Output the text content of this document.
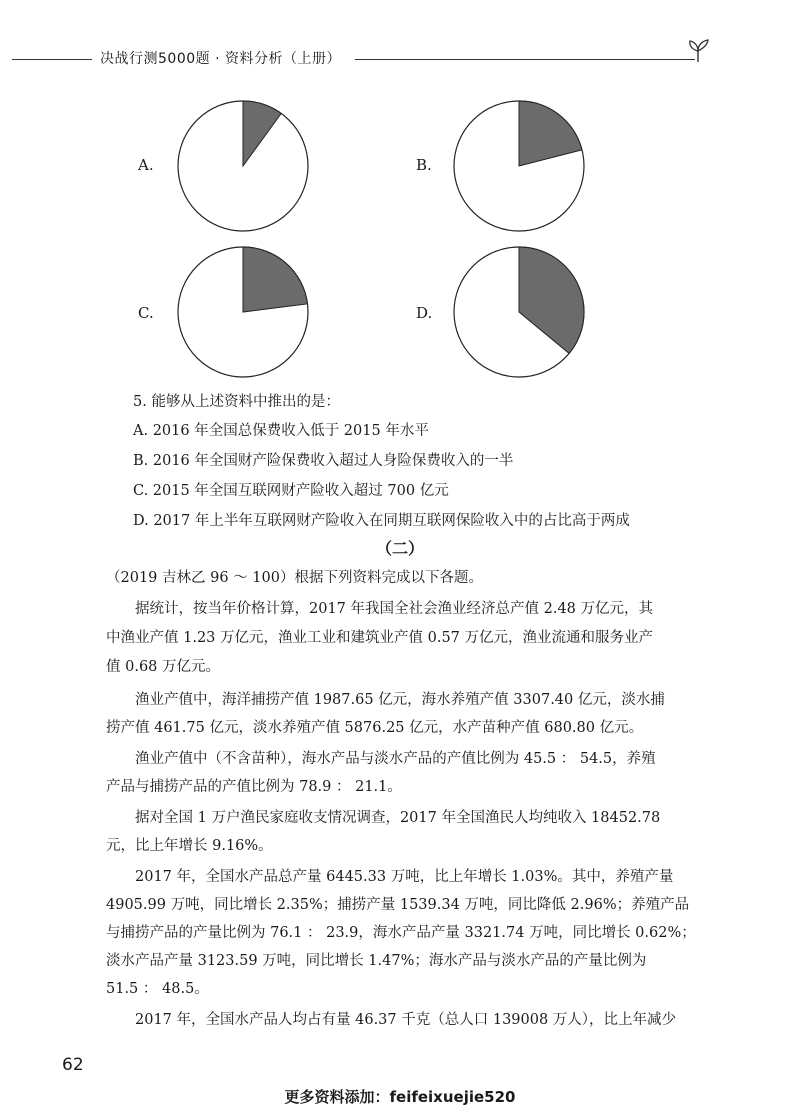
决战行测5000题 · 资料分析（上册）
A.	B.
C.	D.
5. 能够从上述资料中推出的是：
A. 2016 年全国总保费收入低于 2015 年水平
B. 2016 年全国财产险保费收入超过人身险保费收入的一半
C. 2015 年全国互联网财产险收入超过 700 亿元
D. 2017 年上半年互联网财产险收入在同期互联网保险收入中的占比高于两成
（二）
（2019 吉林乙 96 ～ 100）根据下列资料完成以下各题。
据统计，按当年价格计算，2017 年我国全社会渔业经济总产值 2.48 万亿元，其
中渔业产值 1.23 万亿元，渔业工业和建筑业产值 0.57 万亿元，渔业流通和服务业产
值 0.68 万亿元。
渔业产值中，海洋捕捞产值 1987.65 亿元，海水养殖产值 3307.40 亿元，淡水捕
捞产值 461.75 亿元，淡水养殖产值 5876.25 亿元，水产苗种产值 680.80 亿元。
渔业产值中（不含苗种），海水产品与淡水产品的产值比例为 45.5 ： 54.5，养殖
产品与捕捞产品的产值比例为 78.9 ： 21.1。
据对全国 1 万户渔民家庭收支情况调查，2017 年全国渔民人均纯收入 18452.78
元，比上年增长 9.16%。
2017 年，全国水产品总产量 6445.33 万吨，比上年增长 1.03%。其中，养殖产量
4905.99 万吨，同比增长 2.35%；捕捞产量 1539.34 万吨，同比降低 2.96%；养殖产品
与捕捞产品的产量比例为 76.1 ： 23.9，海水产品产量 3321.74 万吨，同比增长 0.62%；
淡水产品产量 3123.59 万吨，同比增长 1.47%；海水产品与淡水产品的产量比例为
51.5 ： 48.5。
2017 年，全国水产品人均占有量 46.37 千克（总人口 139008 万人），比上年减少
62
更多资料添加：feifeixuejie520
